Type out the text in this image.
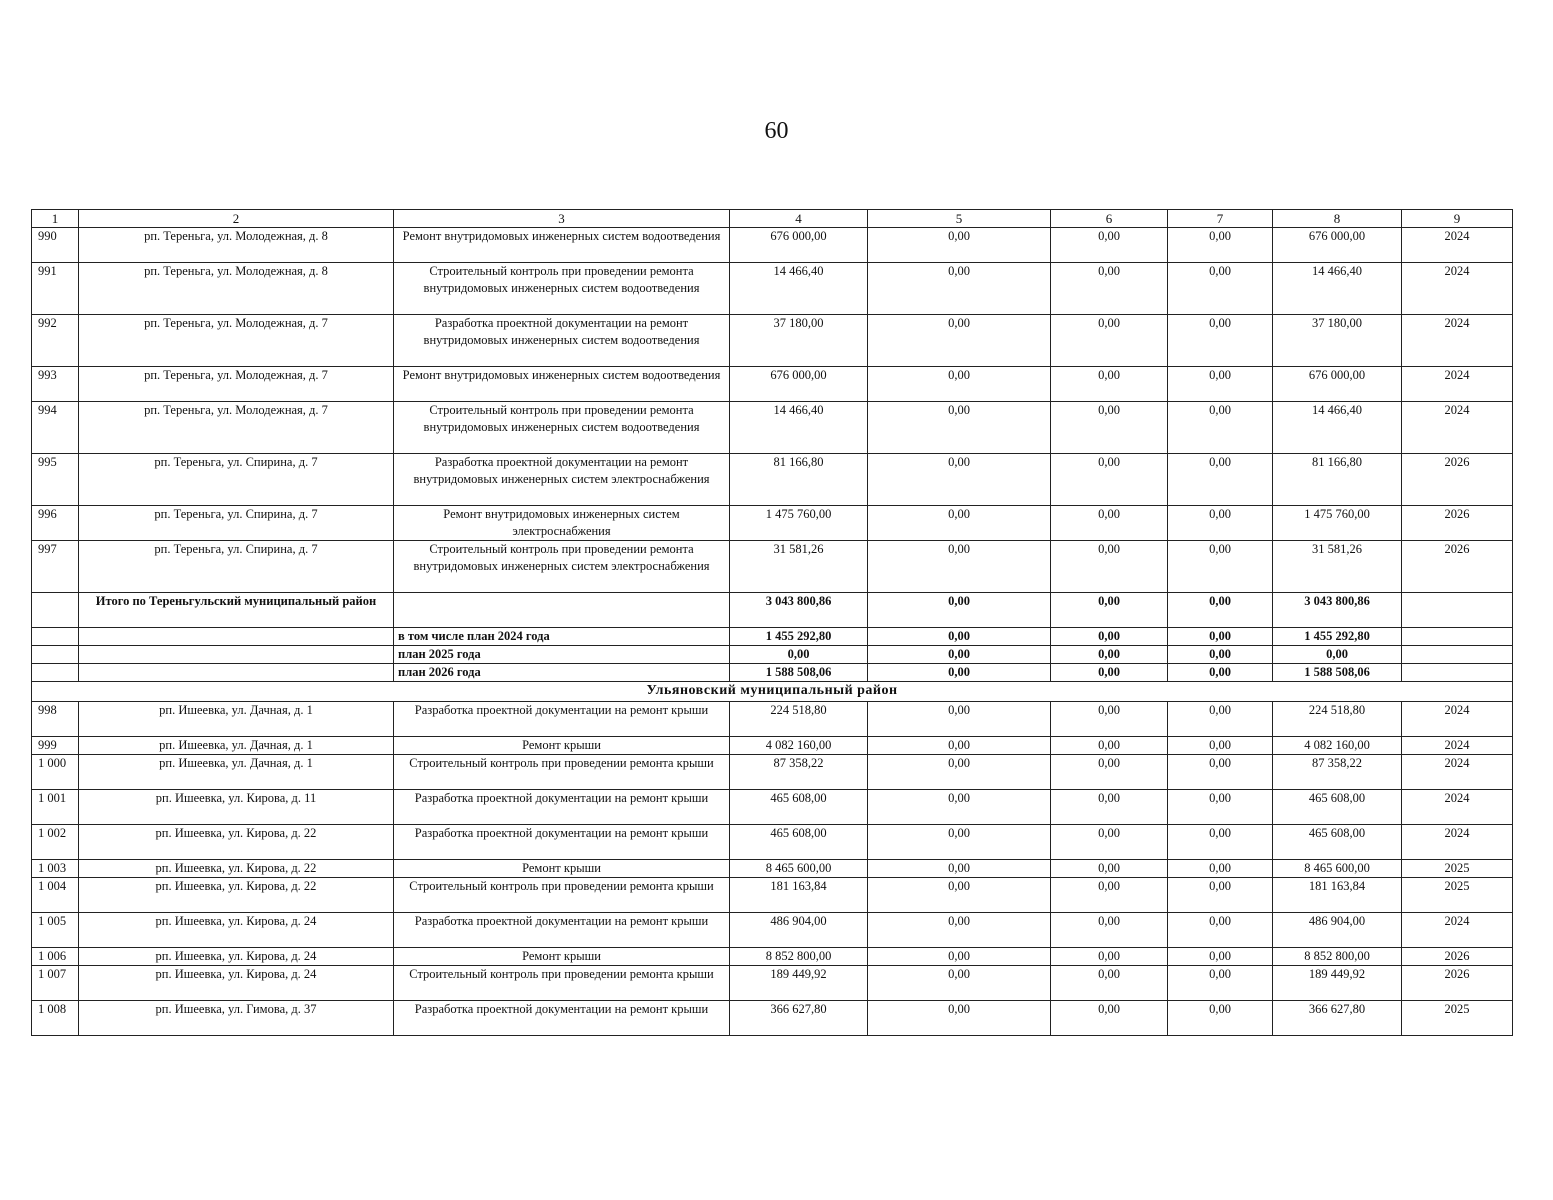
60
1	2	3	4	5	6	7	8	9
990	рп. Тереньга, ул. Молодежная, д. 8	Ремонт внутридомовых инженерных систем водоотведения	676 000,00	0,00	0,00	0,00	676 000,00	2024
991	рп. Тереньга, ул. Молодежная, д. 8	Строительный контроль при проведении ремонта внутридомовых инженерных систем водоотведения	14 466,40	0,00	0,00	0,00	14 466,40	2024
992	рп. Тереньга, ул. Молодежная, д. 7	Разработка проектной документации на ремонт внутридомовых инженерных систем водоотведения	37 180,00	0,00	0,00	0,00	37 180,00	2024
993	рп. Тереньга, ул. Молодежная, д. 7	Ремонт внутридомовых инженерных систем водоотведения	676 000,00	0,00	0,00	0,00	676 000,00	2024
994	рп. Тереньга, ул. Молодежная, д. 7	Строительный контроль при проведении ремонта внутридомовых инженерных систем водоотведения	14 466,40	0,00	0,00	0,00	14 466,40	2024
995	рп. Тереньга, ул. Спирина, д. 7	Разработка проектной документации на ремонт внутридомовых инженерных систем электроснабжения	81 166,80	0,00	0,00	0,00	81 166,80	2026
996	рп. Тереньга, ул. Спирина, д. 7	Ремонт внутридомовых инженерных систем электроснабжения	1 475 760,00	0,00	0,00	0,00	1 475 760,00	2026
997	рп. Тереньга, ул. Спирина, д. 7	Строительный контроль при проведении ремонта внутридомовых инженерных систем электроснабжения	31 581,26	0,00	0,00	0,00	31 581,26	2026
	Итого по Тереньгульский муниципальный район		3 043 800,86	0,00	0,00	0,00	3 043 800,86	
		в том числе план 2024 года	1 455 292,80	0,00	0,00	0,00	1 455 292,80	
		план 2025 года	0,00	0,00	0,00	0,00	0,00	
		план 2026 года	1 588 508,06	0,00	0,00	0,00	1 588 508,06	
Ульяновский муниципальный район								
998	рп. Ишеевка, ул. Дачная, д. 1	Разработка проектной документации на ремонт крыши	224 518,80	0,00	0,00	0,00	224 518,80	2024
999	рп. Ишеевка, ул. Дачная, д. 1	Ремонт крыши	4 082 160,00	0,00	0,00	0,00	4 082 160,00	2024
1 000	рп. Ишеевка, ул. Дачная, д. 1	Строительный контроль при проведении ремонта крыши	87 358,22	0,00	0,00	0,00	87 358,22	2024
1 001	рп. Ишеевка, ул. Кирова, д. 11	Разработка проектной документации на ремонт крыши	465 608,00	0,00	0,00	0,00	465 608,00	2024
1 002	рп. Ишеевка, ул. Кирова, д. 22	Разработка проектной документации на ремонт крыши	465 608,00	0,00	0,00	0,00	465 608,00	2024
1 003	рп. Ишеевка, ул. Кирова, д. 22	Ремонт крыши	8 465 600,00	0,00	0,00	0,00	8 465 600,00	2025
1 004	рп. Ишеевка, ул. Кирова, д. 22	Строительный контроль при проведении ремонта крыши	181 163,84	0,00	0,00	0,00	181 163,84	2025
1 005	рп. Ишеевка, ул. Кирова, д. 24	Разработка проектной документации на ремонт крыши	486 904,00	0,00	0,00	0,00	486 904,00	2024
1 006	рп. Ишеевка, ул. Кирова, д. 24	Ремонт крыши	8 852 800,00	0,00	0,00	0,00	8 852 800,00	2026
1 007	рп. Ишеевка, ул. Кирова, д. 24	Строительный контроль при проведении ремонта крыши	189 449,92	0,00	0,00	0,00	189 449,92	2026
1 008	рп. Ишеевка, ул. Гимова, д. 37	Разработка проектной документации на ремонт крыши	366 627,80	0,00	0,00	0,00	366 627,80	2025
